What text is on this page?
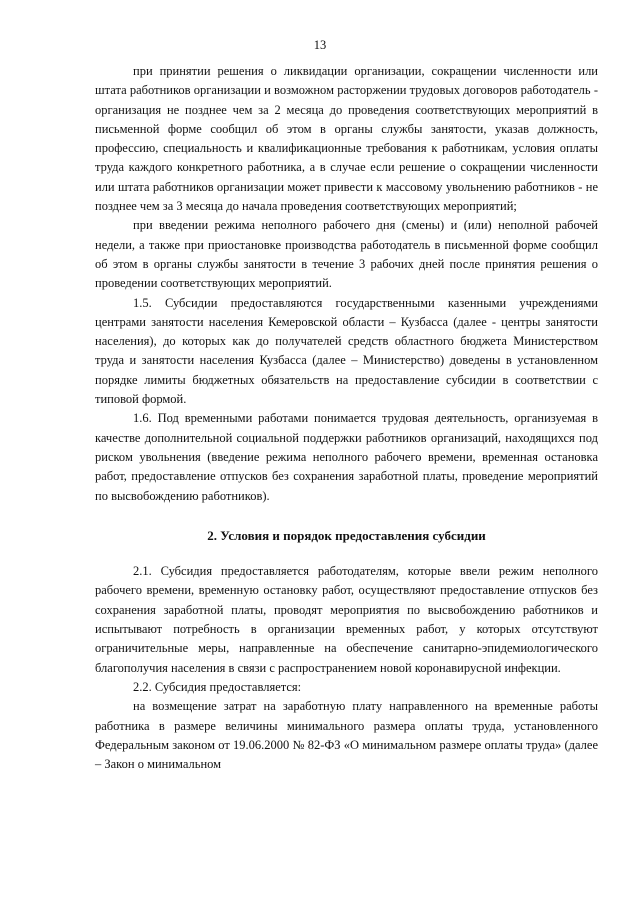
13

при принятии решения о ликвидации организации, сокращении численности или штата работников организации и возможном расторжении трудовых договоров работодатель - организация не позднее чем за 2 месяца до проведения соответствующих мероприятий в письменной форме сообщил об этом в органы службы занятости, указав должность, профессию, специальность и квалификационные требования к работникам, условия оплаты труда каждого конкретного работника, а в случае если решение о сокращении численности или штата работников организации может привести к массовому увольнению работников - не позднее чем за 3 месяца до начала проведения соответствующих мероприятий;

при введении режима неполного рабочего дня (смены) и (или) неполной рабочей недели, а также при приостановке производства работодатель в письменной форме сообщил об этом в органы службы занятости в течение 3 рабочих дней после принятия решения о проведении соответствующих мероприятий.

1.5. Субсидии предоставляются государственными казенными учреждениями центрами занятости населения Кемеровской области – Кузбасса (далее - центры занятости населения), до которых как до получателей средств областного бюджета Министерством труда и занятости населения Кузбасса (далее – Министерство) доведены в установленном порядке лимиты бюджетных обязательств на предоставление субсидии в соответствии с типовой формой.

1.6. Под временными работами понимается трудовая деятельность, организуемая в качестве дополнительной социальной поддержки работников организаций, находящихся под риском увольнения (введение режима неполного рабочего времени, временная остановка работ, предоставление отпусков без сохранения заработной платы, проведение мероприятий по высвобождению работников).

2. Условия и порядок предоставления субсидии

2.1. Субсидия предоставляется работодателям, которые ввели режим неполного рабочего времени, временную остановку работ, осуществляют предоставление отпусков без сохранения заработной платы, проводят мероприятия по высвобождению работников и испытывают потребность в организации временных работ, у которых отсутствуют ограничительные меры, направленные на обеспечение санитарно-эпидемиологического благополучия населения в связи с распространением новой коронавирусной инфекции.

2.2. Субсидия предоставляется:

на возмещение затрат на заработную плату направленного на временные работы работника в размере величины минимального размера оплаты труда, установленного Федеральным законом от 19.06.2000 № 82-ФЗ «О минимальном размере оплаты труда» (далее – Закон о минимальном
